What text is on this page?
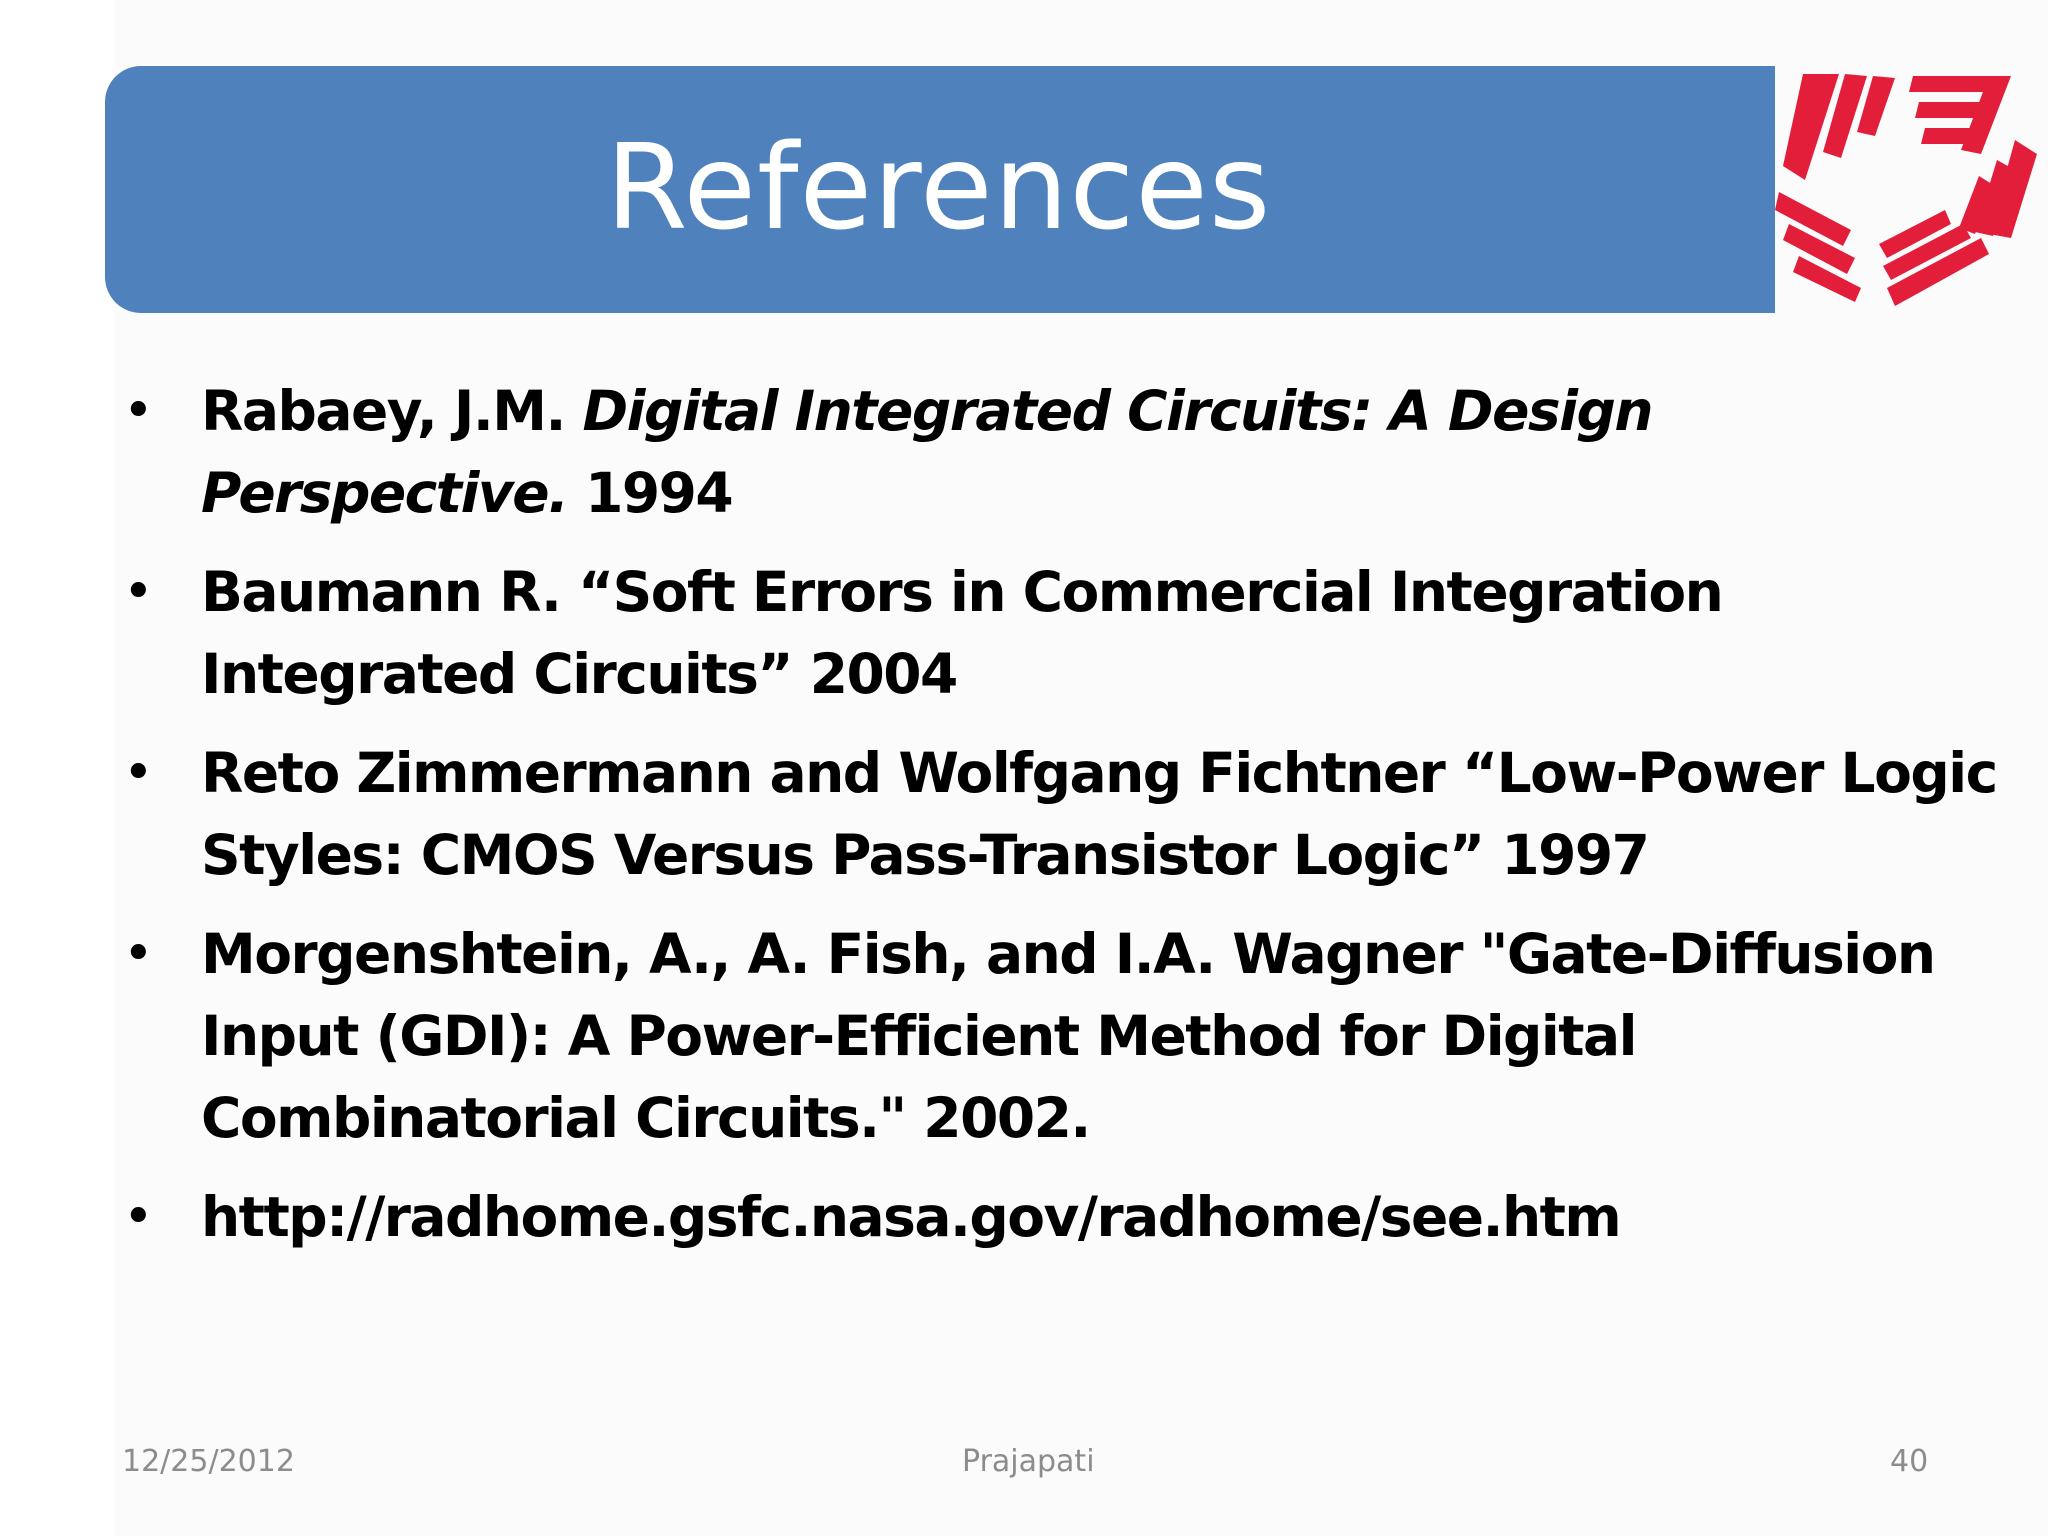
References
• Rabaey, J.M. Digital Integrated Circuits: A Design Perspective. 1994
• Baumann R. “Soft Errors in Commercial Integration Integrated Circuits” 2004
• Reto Zimmermann and Wolfgang Fichtner “Low-Power Logic Styles: CMOS Versus Pass-Transistor Logic” 1997
• Morgenshtein, A., A. Fish, and I.A. Wagner "Gate-Diffusion Input (GDI): A Power-Efficient Method for Digital Combinatorial Circuits." 2002.
• http://radhome.gsfc.nasa.gov/radhome/see.htm
12/25/2012	Prajapati	40
